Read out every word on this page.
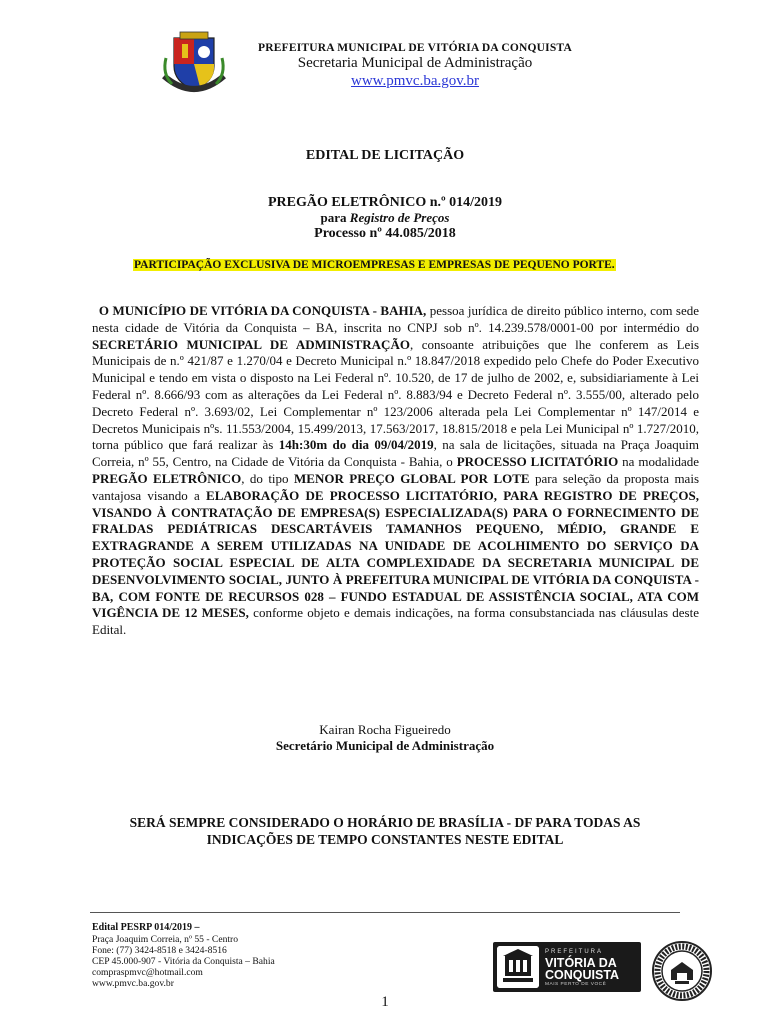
PREFEITURA MUNICIPAL DE VITÓRIA DA CONQUISTA
Secretaria Municipal de Administração
www.pmvc.ba.gov.br
EDITAL DE LICITAÇÃO
PREGÃO ELETRÔNICO n.º 014/2019
para Registro de Preços
Processo nº 44.085/2018
PARTICIPAÇÃO EXCLUSIVA DE MICROEMPRESAS E EMPRESAS DE PEQUENO PORTE.

O MUNICÍPIO DE VITÓRIA DA CONQUISTA - BAHIA, pessoa jurídica de direito público interno, com sede nesta cidade de Vitória da Conquista – BA, inscrita no CNPJ sob nº. 14.239.578/0001-00 por intermédio do SECRETÁRIO MUNICIPAL DE ADMINISTRAÇÃO, consoante atribuições que lhe conferem as Leis Municipais de n.º 421/87 e 1.270/04 e Decreto Municipal n.º 18.847/2018 expedido pelo Chefe do Poder Executivo Municipal e tendo em vista o disposto na Lei Federal nº. 10.520, de 17 de julho de 2002, e, subsidiariamente à Lei Federal nº. 8.666/93 com as alterações da Lei Federal nº. 8.883/94 e Decreto Federal nº. 3.555/00, alterado pelo Decreto Federal nº. 3.693/02, Lei Complementar nº 123/2006 alterada pela Lei Complementar nº 147/2014 e Decretos Municipais nºs. 11.553/2004, 15.499/2013, 17.563/2017, 18.815/2018 e pela Lei Municipal nº 1.727/2010, torna público que fará realizar às 14h:30m do dia 09/04/2019, na sala de licitações, situada na Praça Joaquim Correia, nº 55, Centro, na Cidade de Vitória da Conquista - Bahia, o PROCESSO LICITATÓRIO na modalidade PREGÃO ELETRÔNICO, do tipo MENOR PREÇO GLOBAL POR LOTE para seleção da proposta mais vantajosa visando a ELABORAÇÃO DE PROCESSO LICITATÓRIO, PARA REGISTRO DE PREÇOS, VISANDO À CONTRATAÇÃO DE EMPRESA(S) ESPECIALIZADA(S) PARA O FORNECIMENTO DE FRALDAS PEDIÁTRICAS DESCARTÁVEIS TAMANHOS PEQUENO, MÉDIO, GRANDE E EXTRAGRANDE A SEREM UTILIZADAS NA UNIDADE DE ACOLHIMENTO DO SERVIÇO DA PROTEÇÃO SOCIAL ESPECIAL DE ALTA COMPLEXIDADE DA SECRETARIA MUNICIPAL DE DESENVOLVIMENTO SOCIAL, JUNTO À PREFEITURA MUNICIPAL DE VITÓRIA DA CONQUISTA - BA, COM FONTE DE RECURSOS 028 – FUNDO ESTADUAL DE ASSISTÊNCIA SOCIAL, ATA COM VIGÊNCIA DE 12 MESES, conforme objeto e demais indicações, na forma consubstanciada nas cláusulas deste Edital.

Kairan Rocha Figueiredo
Secretário Municipal de Administração
SERÁ SEMPRE CONSIDERADO O HORÁRIO DE BRASÍLIA - DF PARA TODAS AS
INDICAÇÕES DE TEMPO CONSTANTES NESTE EDITAL
Edital PESRP 014/2019 –
Praça Joaquim Correia, nº 55 - Centro
Fone: (77) 3424-8518 e 3424-8516
CEP 45.000-907 - Vitória da Conquista – Bahia
compraspmvc@hotmail.com
www.pmvc.ba.gov.br
PREFEITURA
VITÓRIA DA
CONQUISTA
MAIS PERTO DE VOCÊ
1
